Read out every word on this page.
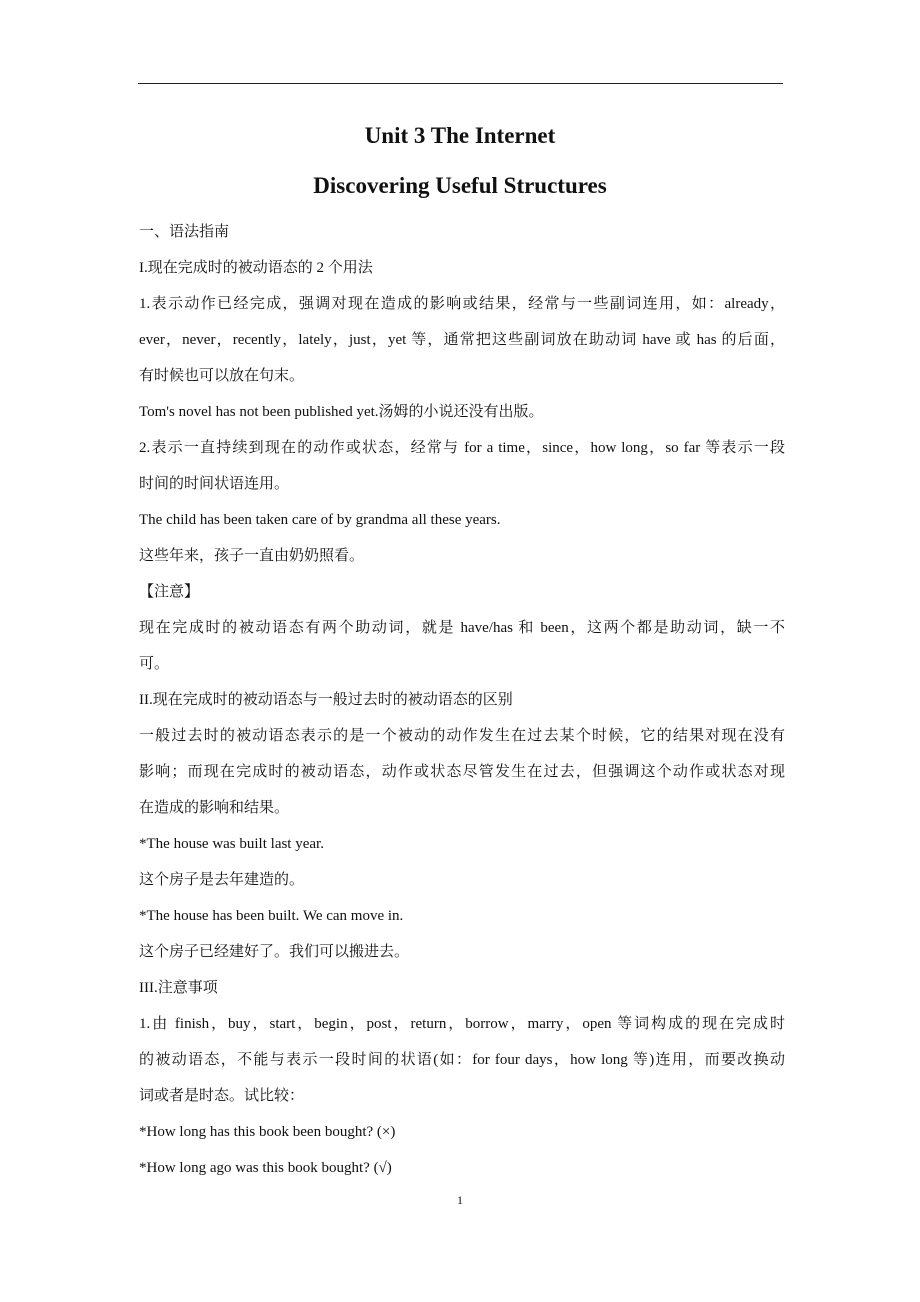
Unit 3 The Internet
Discovering Useful Structures

一、语法指南

I.现在完成时的被动语态的 2 个用法

1.表示动作已经完成，强调对现在造成的影响或结果，经常与一些副词连用，如：already，

ever，never，recently，lately，just，yet 等，通常把这些副词放在助动词 have 或 has 的后面，

有时候也可以放在句末。

Tom's novel has not been published yet.汤姆的小说还没有出版。

2.表示一直持续到现在的动作或状态，经常与 for a time，since，how long，so far 等表示一段

时间的时间状语连用。

The child has been taken care of by grandma all these years.

这些年来，孩子一直由奶奶照看。

【注意】

现在完成时的被动语态有两个助动词，就是 have/has 和 been，这两个都是助动词，缺一不

可。

II.现在完成时的被动语态与一般过去时的被动语态的区别

一般过去时的被动语态表示的是一个被动的动作发生在过去某个时候，它的结果对现在没有

影响；而现在完成时的被动语态，动作或状态尽管发生在过去，但强调这个动作或状态对现

在造成的影响和结果。

*The house was built last year.

这个房子是去年建造的。

*The house has been built. We can move in.

这个房子已经建好了。我们可以搬进去。

III.注意事项

1.由 finish，buy，start，begin，post，return，borrow，marry，open 等词构成的现在完成时

的被动语态，不能与表示一段时间的状语(如：for four days，how long 等)连用，而要改换动

词或者是时态。试比较：

*How long has this book been bought? (×)

*How long ago was this book bought? (√)

1
